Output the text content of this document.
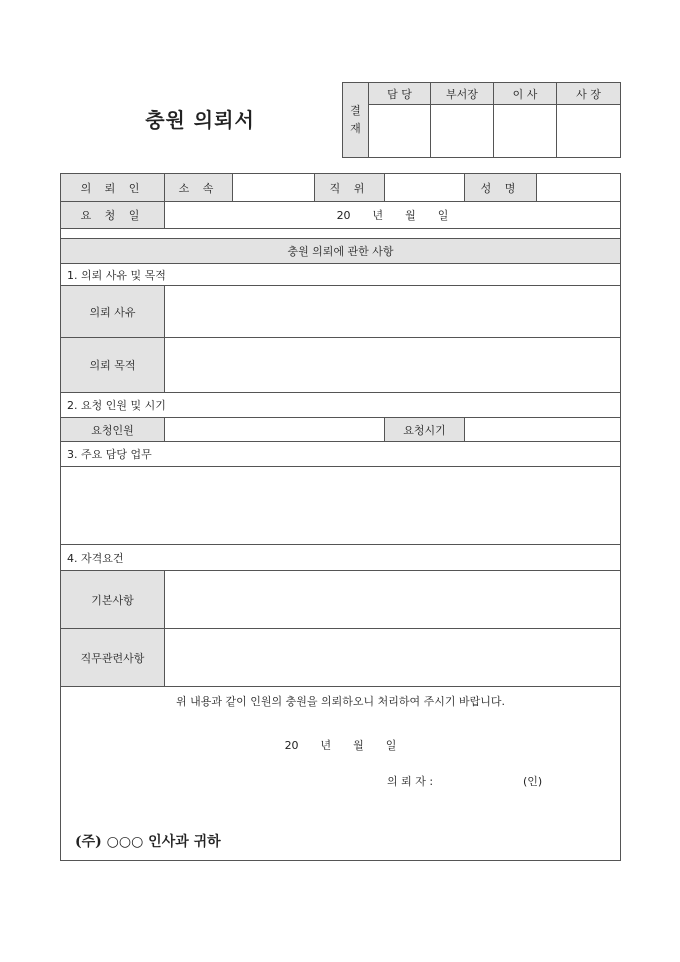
충원 의뢰서	결재	담 당	부서장	이 사	사 장

의 뢰 인	소 속		직 위		성 명	
요 청 일	20　　년　　월　　일					

충원 의뢰에 관한 사항						
1. 의뢰 사유 및 목적						
의뢰 사유						
의뢰 목적						
2. 요청 인원 및 시기						
요청인원				요청시기		
3. 주요 담당 업무						

4. 자격요건						
기본사항						
직무관련사항						

위 내용과 같이 인원의 충원을 의뢰하오니 처리하여 주시기 바랍니다.
20　　년　　월　　일
의 뢰 자 : (인)
(주) ○○○ 인사과 귀하						
